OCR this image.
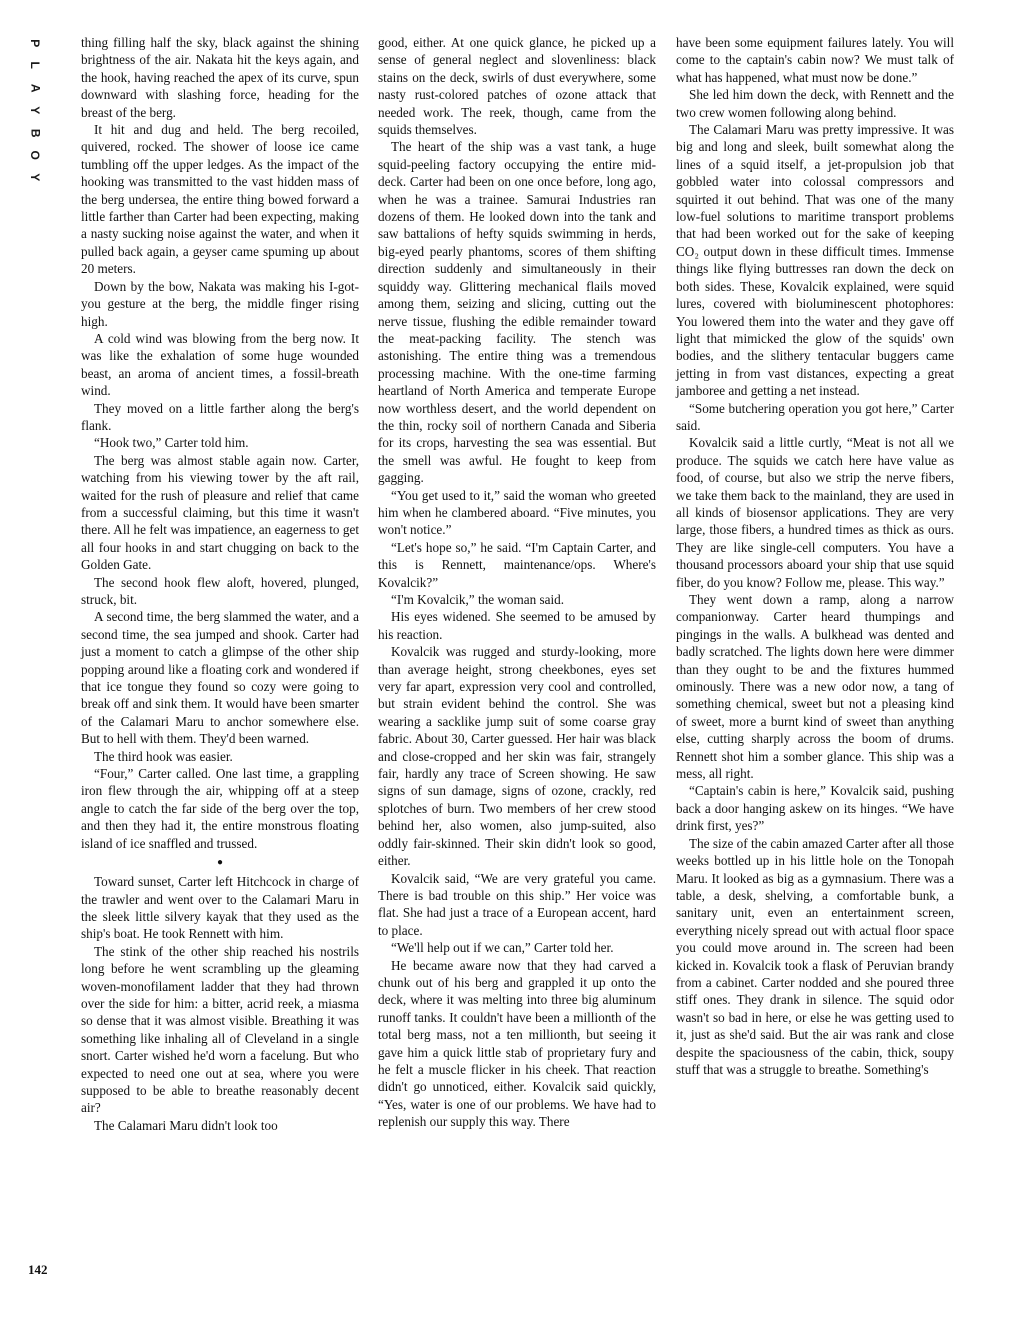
P
L
A
Y
B
O
Y
142

thing filling half the sky, black against the shining brightness of the air. Nakata hit the keys again, and the hook, having reached the apex of its curve, spun downward with slashing force, heading for the breast of the berg.

It hit and dug and held. The berg recoiled, quivered, rocked. The shower of loose ice came tumbling off the upper ledges. As the impact of the hooking was transmitted to the vast hidden mass of the berg undersea, the entire thing bowed forward a little farther than Carter had been expecting, making a nasty sucking noise against the water, and when it pulled back again, a geyser came spuming up about 20 meters.

Down by the bow, Nakata was making his I-got-you gesture at the berg, the middle finger rising high.

A cold wind was blowing from the berg now. It was like the exhalation of some huge wounded beast, an aroma of ancient times, a fossil-breath wind.

They moved on a little farther along the berg's flank.

“Hook two,” Carter told him.

The berg was almost stable again now. Carter, watching from his viewing tower by the aft rail, waited for the rush of pleasure and relief that came from a successful claiming, but this time it wasn't there. All he felt was impatience, an eagerness to get all four hooks in and start chugging on back to the Golden Gate.

The second hook flew aloft, hovered, plunged, struck, bit.

A second time, the berg slammed the water, and a second time, the sea jumped and shook. Carter had just a moment to catch a glimpse of the other ship popping around like a floating cork and wondered if that ice tongue they found so cozy were going to break off and sink them. It would have been smarter of the Calamari Maru to anchor somewhere else. But to hell with them. They'd been warned.

The third hook was easier.

“Four,” Carter called. One last time, a grappling iron flew through the air, whipping off at a steep angle to catch the far side of the berg over the top, and then they had it, the entire monstrous floating island of ice snaffled and trussed.

●

Toward sunset, Carter left Hitchcock in charge of the trawler and went over to the Calamari Maru in the sleek little silvery kayak that they used as the ship's boat. He took Rennett with him.

The stink of the other ship reached his nostrils long before he went scrambling up the gleaming woven-monofilament ladder that they had thrown over the side for him: a bitter, acrid reek, a miasma so dense that it was almost visible. Breathing it was something like inhaling all of Cleveland in a single snort. Carter wished he'd worn a facelung. But who expected to need one out at sea, where you were supposed to be able to breathe reasonably decent air?

The Calamari Maru didn't look too

good, either. At one quick glance, he picked up a sense of general neglect and slovenliness: black stains on the deck, swirls of dust everywhere, some nasty rust-colored patches of ozone attack that needed work. The reek, though, came from the squids themselves.

The heart of the ship was a vast tank, a huge squid-peeling factory occupying the entire mid-deck. Carter had been on one once before, long ago, when he was a trainee. Samurai Industries ran dozens of them. He looked down into the tank and saw battalions of hefty squids swimming in herds, big-eyed pearly phantoms, scores of them shifting direction suddenly and simultaneously in their squiddy way. Glittering mechanical flails moved among them, seizing and slicing, cutting out the nerve tissue, flushing the edible remainder toward the meat-packing facility. The stench was astonishing. The entire thing was a tremendous processing machine. With the one-time farming heartland of North America and temperate Europe now worthless desert, and the world dependent on the thin, rocky soil of northern Canada and Siberia for its crops, harvesting the sea was essential. But the smell was awful. He fought to keep from gagging.

“You get used to it,” said the woman who greeted him when he clambered aboard. “Five minutes, you won't notice.”

“Let's hope so,” he said. “I'm Captain Carter, and this is Rennett, maintenance/ops. Where's Kovalcik?”

“I'm Kovalcik,” the woman said.

His eyes widened. She seemed to be amused by his reaction.

Kovalcik was rugged and sturdy-looking, more than average height, strong cheekbones, eyes set very far apart, expression very cool and controlled, but strain evident behind the control. She was wearing a sacklike jump suit of some coarse gray fabric. About 30, Carter guessed. Her hair was black and close-cropped and her skin was fair, strangely fair, hardly any trace of Screen showing. He saw signs of sun damage, signs of ozone, crackly, red splotches of burn. Two members of her crew stood behind her, also women, also jump-suited, also oddly fair-skinned. Their skin didn't look so good, either.

Kovalcik said, “We are very grateful you came. There is bad trouble on this ship.” Her voice was flat. She had just a trace of a European accent, hard to place.

“We'll help out if we can,” Carter told her.

He became aware now that they had carved a chunk out of his berg and grappled it up onto the deck, where it was melting into three big aluminum runoff tanks. It couldn't have been a millionth of the total berg mass, not a ten millionth, but seeing it gave him a quick little stab of proprietary fury and he felt a muscle flicker in his cheek. That reaction didn't go unnoticed, either. Kovalcik said quickly, “Yes, water is one of our problems. We have had to replenish our supply this way. There

have been some equipment failures lately. You will come to the captain's cabin now? We must talk of what has happened, what must now be done.”

She led him down the deck, with Rennett and the two crew women following along behind.

The Calamari Maru was pretty impressive. It was big and long and sleek, built somewhat along the lines of a squid itself, a jet-propulsion job that gobbled water into colossal compressors and squirted it out behind. That was one of the many low-fuel solutions to maritime transport problems that had been worked out for the sake of keeping CO₂ output down in these difficult times. Immense things like flying buttresses ran down the deck on both sides. These, Kovalcik explained, were squid lures, covered with bioluminescent photophores: You lowered them into the water and they gave off light that mimicked the glow of the squids' own bodies, and the slithery tentacular buggers came jetting in from vast distances, expecting a great jamboree and getting a net instead.

“Some butchering operation you got here,” Carter said.

Kovalcik said a little curtly, “Meat is not all we produce. The squids we catch here have value as food, of course, but also we strip the nerve fibers, we take them back to the mainland, they are used in all kinds of biosensor applications. They are very large, those fibers, a hundred times as thick as ours. They are like single-cell computers. You have a thousand processors aboard your ship that use squid fiber, do you know? Follow me, please. This way.”

They went down a ramp, along a narrow companionway. Carter heard thumpings and pingings in the walls. A bulkhead was dented and badly scratched. The lights down here were dimmer than they ought to be and the fixtures hummed ominously. There was a new odor now, a tang of something chemical, sweet but not a pleasing kind of sweet, more a burnt kind of sweet than anything else, cutting sharply across the boom of drums. Rennett shot him a somber glance. This ship was a mess, all right.

“Captain's cabin is here,” Kovalcik said, pushing back a door hanging askew on its hinges. “We have drink first, yes?”

The size of the cabin amazed Carter after all those weeks bottled up in his little hole on the Tonopah Maru. It looked as big as a gymnasium. There was a table, a desk, shelving, a comfortable bunk, a sanitary unit, even an entertainment screen, everything nicely spread out with actual floor space you could move around in. The screen had been kicked in. Kovalcik took a flask of Peruvian brandy from a cabinet. Carter nodded and she poured three stiff ones. They drank in silence. The squid odor wasn't so bad in here, or else he was getting used to it, just as she'd said. But the air was rank and close despite the spaciousness of the cabin, thick, soupy stuff that was a struggle to breathe. Something's
